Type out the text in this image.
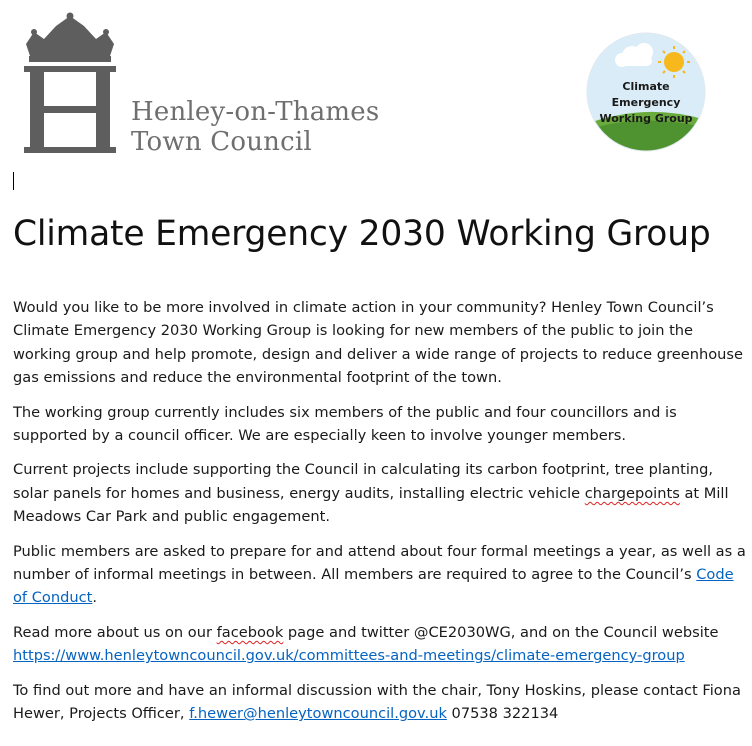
Henley-on-Thames
Town Council
Climate
Emergency
Working Group
Climate Emergency 2030 Working Group

Would you like to be more involved in climate action in your community? Henley Town Council’s
Climate Emergency 2030 Working Group is looking for new members of the public to join the
working group and help promote, design and deliver a wide range of projects to reduce greenhouse
gas emissions and reduce the environmental footprint of the town.

The working group currently includes six members of the public and four councillors and is
supported by a council officer. We are especially keen to involve younger members.

Current projects include supporting the Council in calculating its carbon footprint, tree planting,
solar panels for homes and business, energy audits, installing electric vehicle chargepoints at Mill
Meadows Car Park and public engagement.

Public members are asked to prepare for and attend about four formal meetings a year, as well as a
number of informal meetings in between. All members are required to agree to the Council’s Code
of Conduct.

Read more about us on our facebook page and twitter @CE2030WG, and on the Council website
https://www.henleytowncouncil.gov.uk/committees-and-meetings/climate-emergency-group

To find out more and have an informal discussion with the chair, Tony Hoskins, please contact Fiona
Hewer, Projects Officer, f.hewer@henleytowncouncil.gov.uk 07538 322134
